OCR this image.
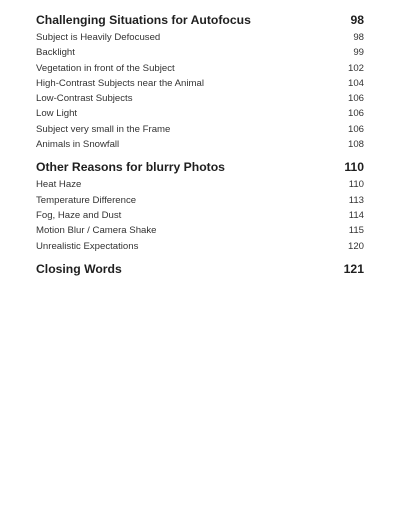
Challenging Situations for Autofocus	98
Subject is Heavily Defocused	98
Backlight	99
Vegetation in front of the Subject	102
High-Contrast Subjects near the Animal	104
Low-Contrast Subjects	106
Low Light	106
Subject very small in the Frame	106
Animals in Snowfall	108
Other Reasons for blurry Photos	110
Heat Haze	110
Temperature Difference	113
Fog, Haze and Dust	114
Motion Blur / Camera Shake	115
Unrealistic Expectations	120
Closing Words	121
